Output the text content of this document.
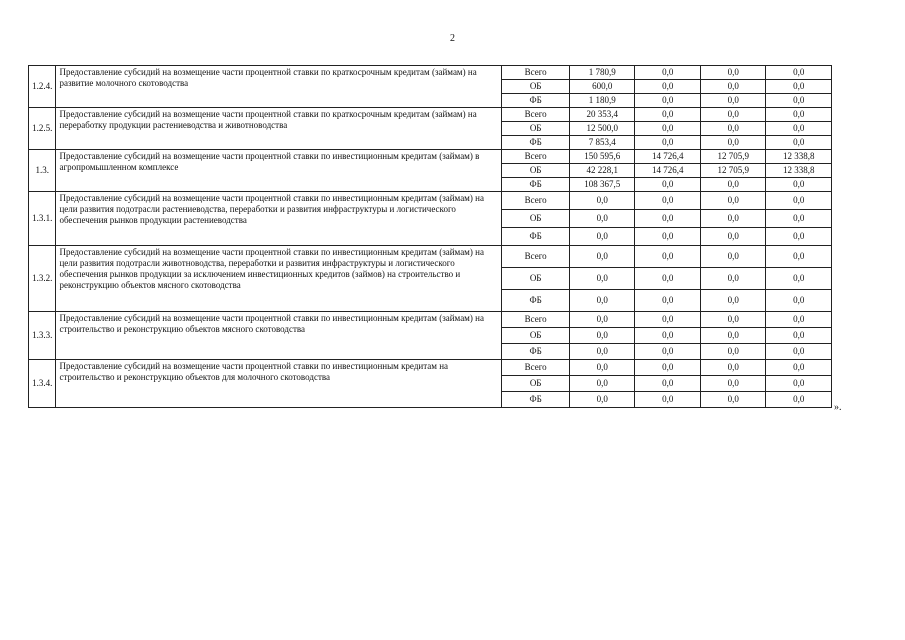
2
1.2.4.	Предоставление субсидий на возмещение части процентной ставки по краткосрочным кредитам (займам) на развитие молочного скотоводства	Всего	1 780,9	0,0	0,0	0,0
		ОБ	600,0	0,0	0,0	0,0
		ФБ	1 180,9	0,0	0,0	0,0
1.2.5.	Предоставление субсидий на возмещение части процентной ставки по краткосрочным кредитам (займам) на переработку продукции растениеводства и животноводства	Всего	20 353,4	0,0	0,0	0,0
		ОБ	12 500,0	0,0	0,0	0,0
		ФБ	7 853,4	0,0	0,0	0,0
1.3.	Предоставление субсидий на возмещение части процентной ставки по инвестиционным кредитам (займам) в агропромышленном комплексе	Всего	150 595,6	14 726,4	12 705,9	12 338,8
		ОБ	42 228,1	14 726,4	12 705,9	12 338,8
		ФБ	108 367,5	0,0	0,0	0,0
1.3.1.	Предоставление субсидий на возмещение части процентной ставки по инвестиционным кредитам (займам) на цели развития подотрасли растениеводства, переработки и развития инфраструктуры и логистического обеспечения рынков продукции растениеводства	Всего	0,0	0,0	0,0	0,0
		ОБ	0,0	0,0	0,0	0,0
		ФБ	0,0	0,0	0,0	0,0
1.3.2.	Предоставление субсидий на возмещение части процентной ставки по инвестиционным кредитам (займам) на цели развития подотрасли животноводства, переработки и развития инфраструктуры и логистического обеспечения рынков продукции за исключением инвестиционных кредитов (займов) на строительство и реконструкцию объектов мясного скотоводства	Всего	0,0	0,0	0,0	0,0
		ОБ	0,0	0,0	0,0	0,0
		ФБ	0,0	0,0	0,0	0,0
1.3.3.	Предоставление субсидий на возмещение части процентной ставки по инвестиционным кредитам (займам) на строительство и реконструкцию объектов мясного скотоводства	Всего	0,0	0,0	0,0	0,0
		ОБ	0,0	0,0	0,0	0,0
		ФБ	0,0	0,0	0,0	0,0
1.3.4.	Предоставление субсидий на возмещение части процентной ставки по инвестиционным кредитам на строительство и реконструкцию объектов для молочного скотоводства	Всего	0,0	0,0	0,0	0,0
		ОБ	0,0	0,0	0,0	0,0
		ФБ	0,0	0,0	0,0	0,0
».
